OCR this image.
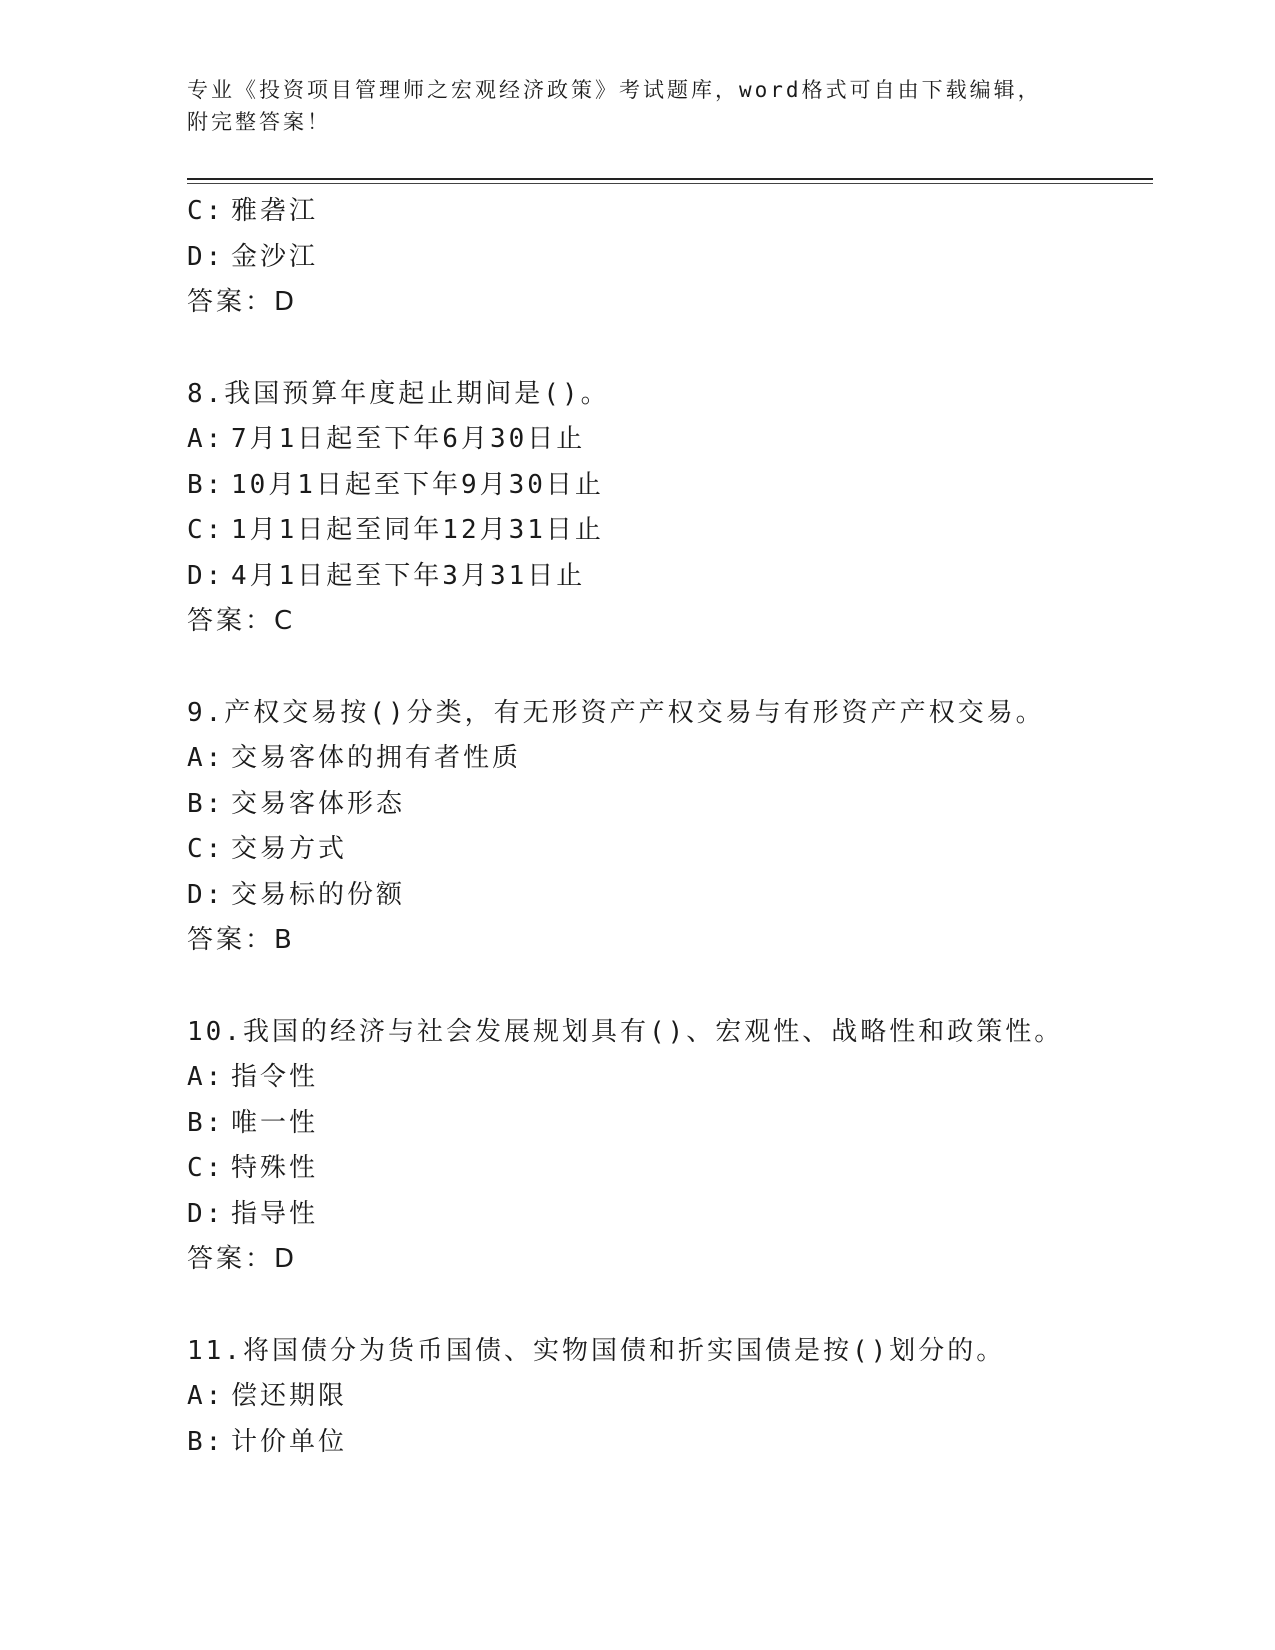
专业《投资项目管理师之宏观经济政策》考试题库，word格式可自由下载编辑，
附完整答案！
C: 雅砻江
D: 金沙江
答案：D
8.我国预算年度起止期间是()。
A: 7月1日起至下年6月30日止
B: 10月1日起至下年9月30日止
C: 1月1日起至同年12月31日止
D: 4月1日起至下年3月31日止
答案：C
9.产权交易按()分类，有无形资产产权交易与有形资产产权交易。
A: 交易客体的拥有者性质
B: 交易客体形态
C: 交易方式
D: 交易标的份额
答案：B
10.我国的经济与社会发展规划具有()、宏观性、战略性和政策性。
A: 指令性
B: 唯一性
C: 特殊性
D: 指导性
答案：D
11.将国债分为货币国债、实物国债和折实国债是按()划分的。
A: 偿还期限
B: 计价单位
